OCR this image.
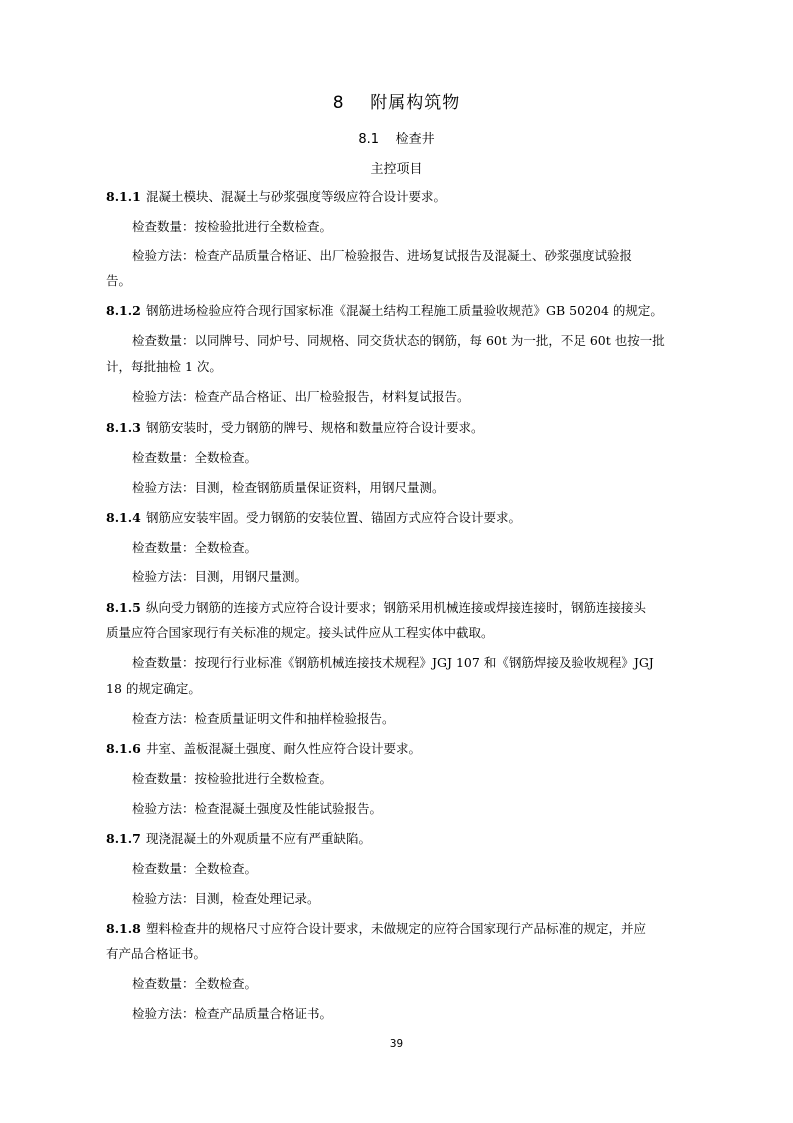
8    附属构筑物
8.1    检查井
主控项目
8.1.1 混凝土模块、混凝土与砂浆强度等级应符合设计要求。
检查数量：按检验批进行全数检查。
检验方法：检查产品质量合格证、出厂检验报告、进场复试报告及混凝土、砂浆强度试验报
告。
8.1.2 钢筋进场检验应符合现行国家标准《混凝土结构工程施工质量验收规范》GB 50204 的规定。
检查数量：以同牌号、同炉号、同规格、同交货状态的钢筋，每 60t 为一批，不足 60t 也按一批
计，每批抽检 1 次。
检验方法：检查产品合格证、出厂检验报告，材料复试报告。
8.1.3 钢筋安装时，受力钢筋的牌号、规格和数量应符合设计要求。
检查数量：全数检查。
检验方法：目测，检查钢筋质量保证资料，用钢尺量测。
8.1.4 钢筋应安装牢固。受力钢筋的安装位置、锚固方式应符合设计要求。
检查数量：全数检查。
检验方法：目测，用钢尺量测。
8.1.5 纵向受力钢筋的连接方式应符合设计要求；钢筋采用机械连接或焊接连接时，钢筋连接接头
质量应符合国家现行有关标准的规定。接头试件应从工程实体中截取。
检查数量：按现行行业标准《钢筋机械连接技术规程》JGJ 107 和《钢筋焊接及验收规程》JGJ
18 的规定确定。
检查方法：检查质量证明文件和抽样检验报告。
8.1.6 井室、盖板混凝土强度、耐久性应符合设计要求。
检查数量：按检验批进行全数检查。
检验方法：检查混凝土强度及性能试验报告。
8.1.7 现浇混凝土的外观质量不应有严重缺陷。
检查数量：全数检查。
检验方法：目测，检查处理记录。
8.1.8 塑料检查井的规格尺寸应符合设计要求，未做规定的应符合国家现行产品标准的规定，并应
有产品合格证书。
检查数量：全数检查。
检验方法：检查产品质量合格证书。
39
